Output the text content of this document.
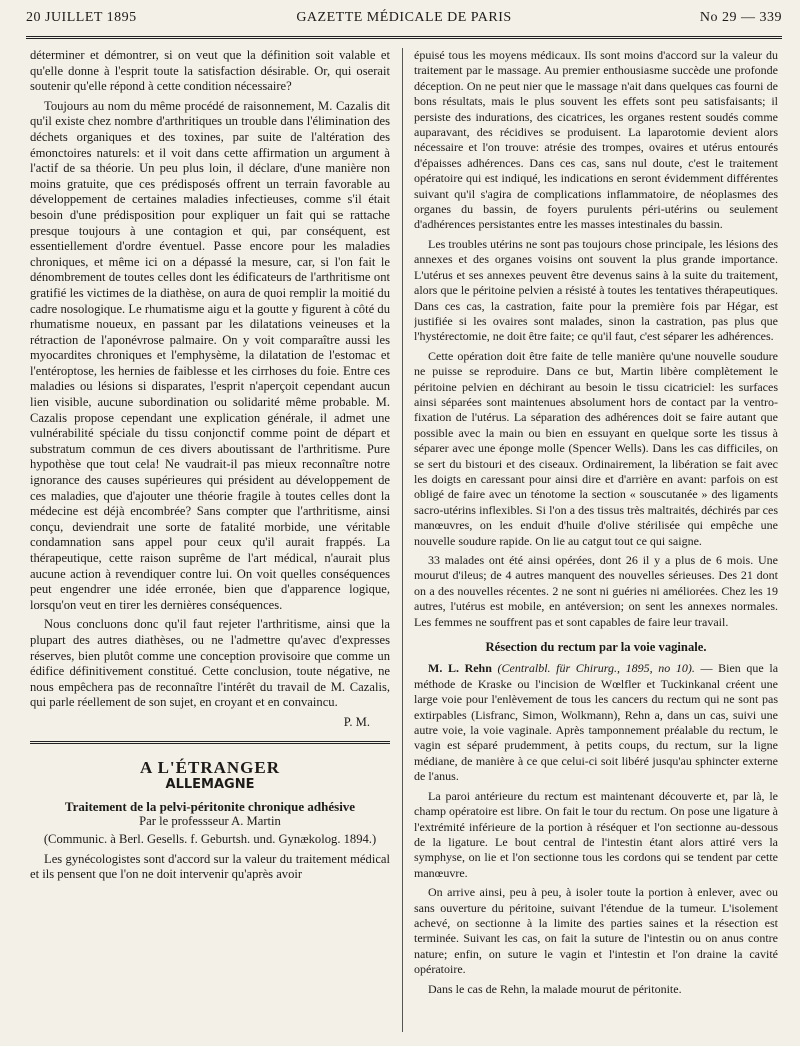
20 JUILLET 1895	GAZETTE MÉDICALE DE PARIS	No 29 — 339

déterminer et démontrer, si on veut que la définition soit valable et qu'elle donne à l'esprit toute la satisfaction désirable. Or, qui oserait soutenir qu'elle répond à cette condition nécessaire?

Toujours au nom du même procédé de raisonnement, M. Cazalis dit qu'il existe chez nombre d'arthritiques un trouble dans l'élimination des déchets organiques et des toxines, par suite de l'altération des émonctoires naturels: et il voit dans cette affirmation un argument à l'actif de sa théorie. Un peu plus loin, il déclare, d'une manière non moins gratuite, que ces prédisposés offrent un terrain favorable au développement de certaines maladies infectieuses, comme s'il était besoin d'une prédisposition pour expliquer un fait qui se rattache presque toujours à une contagion et qui, par conséquent, est essentiellement d'ordre éventuel. Passe encore pour les maladies chroniques, et même ici on a dépassé la mesure, car, si l'on fait le dénombrement de toutes celles dont les édificateurs de l'arthritisme ont gratifié les victimes de la diathèse, on aura de quoi remplir la moitié du cadre nosologique. Le rhumatisme aigu et la goutte y figurent à côté du rhumatisme noueux, en passant par les dilatations veineuses et la rétraction de l'aponévrose palmaire. On y voit comparaître aussi les myocardites chroniques et l'emphysème, la dilatation de l'estomac et l'entéroptose, les hernies de faiblesse et les cirrhoses du foie. Entre ces maladies ou lésions si disparates, l'esprit n'aperçoit cependant aucun lien visible, aucune subordination ou solidarité même probable. M. Cazalis propose cependant une explication générale, il admet une vulnérabilité spéciale du tissu conjonctif comme point de départ et substratum commun de ces divers aboutissant de l'arthritisme. Pure hypothèse que tout cela! Ne vaudrait-il pas mieux reconnaître notre ignorance des causes supérieures qui président au développement de ces maladies, que d'ajouter une théorie fragile à toutes celles dont la médecine est déjà encombrée? Sans compter que l'arthritisme, ainsi conçu, deviendrait une sorte de fatalité morbide, une véritable condamnation sans appel pour ceux qu'il aurait frappés. La thérapeutique, cette raison suprême de l'art médical, n'aurait plus aucune action à revendiquer contre lui. On voit quelles conséquences peut engendrer une idée erronée, bien que d'apparence logique, lorsqu'on veut en tirer les dernières conséquences.

Nous concluons donc qu'il faut rejeter l'arthritisme, ainsi que la plupart des autres diathèses, ou ne l'admettre qu'avec d'expresses réserves, bien plutôt comme une conception provisoire que comme un édifice définitivement constitué. Cette conclusion, toute négative, ne nous empêchera pas de reconnaître l'intérêt du travail de M. Cazalis, qui parle réellement de son sujet, en croyant et en convaincu.

P. M.
A L'ÉTRANGER
ALLEMAGNE
Traitement de la pelvi-péritonite chronique adhésive
Par le professseur A. Martin
(Communic. à Berl. Gesells. f. Geburtsh. und. Gynækolog. 1894.)

Les gynécologistes sont d'accord sur la valeur du traitement médical et ils pensent que l'on ne doit intervenir qu'après avoir

épuisé tous les moyens médicaux. Ils sont moins d'accord sur la valeur du traitement par le massage. Au premier enthousiasme succède une profonde déception. On ne peut nier que le massage n'ait dans quelques cas fourni de bons résultats, mais le plus souvent les effets sont peu satisfaisants; il persiste des indurations, des cicatrices, les organes restent soudés comme auparavant, des récidives se produisent. La laparotomie devient alors nécessaire et l'on trouve: atrésie des trompes, ovaires et utérus entourés d'épaisses adhérences. Dans ces cas, sans nul doute, c'est le traitement opératoire qui est indiqué, les indications en seront évidemment différentes suivant qu'il s'agira de complications inflammatoire, de néoplasmes des organes du bassin, de foyers purulents péri-utérins ou seulement d'adhérences persistantes entre les masses intestinales du bassin.

Les troubles utérins ne sont pas toujours chose principale, les lésions des annexes et des organes voisins ont souvent la plus grande importance. L'utérus et ses annexes peuvent être devenus sains à la suite du traitement, alors que le péritoine pelvien a résisté à toutes les tentatives thérapeutiques. Dans ces cas, la castration, faite pour la première fois par Hégar, est justifiée si les ovaires sont malades, sinon la castration, pas plus que l'hystérectomie, ne doit être faite; ce qu'il faut, c'est séparer les adhérences.

Cette opération doit être faite de telle manière qu'une nouvelle soudure ne puisse se reproduire. Dans ce but, Martin libère complètement le péritoine pelvien en déchirant au besoin le tissu cicatriciel: les surfaces ainsi séparées sont maintenues absolument hors de contact par la ventro-fixation de l'utérus. La séparation des adhérences doit se faire autant que possible avec la main ou bien en essuyant en quelque sorte les tissus à séparer avec une éponge molle (Spencer Wells). Dans les cas difficiles, on se sert du bistouri et des ciseaux. Ordinairement, la libération se fait avec les doigts en caressant pour ainsi dire et d'arrière en avant: parfois on est obligé de faire avec un ténotome la section « souscutanée » des ligaments sacro-utérins inflexibles. Si l'on a des tissus très maltraités, déchirés par ces manœuvres, on les enduit d'huile d'olive stérilisée qui empêche une nouvelle soudure rapide. On lie au catgut tout ce qui saigne.

33 malades ont été ainsi opérées, dont 26 il y a plus de 6 mois. Une mourut d'ileus; de 4 autres manquent des nouvelles sérieuses. Des 21 dont on a des nouvelles récentes. 2 ne sont ni guéries ni améliorées. Chez les 19 autres, l'utérus est mobile, en antéversion; on sent les annexes normales. Les femmes ne souffrent pas et sont capables de faire leur travail.

Résection du rectum par la voie vaginale.

M. L. Rehn (Centralbl. für Chirurg., 1895, no 10). — Bien que la méthode de Kraske ou l'incision de Wœlfler et Tuckinkanal créent une large voie pour l'enlèvement de tous les cancers du rectum qui ne sont pas extirpables (Lisfranc, Simon, Wolkmann), Rehn a, dans un cas, suivi une autre voie, la voie vaginale. Après tamponnement préalable du rectum, le vagin est séparé prudemment, à petits coups, du rectum, sur la ligne médiane, de manière à ce que celui-ci soit libéré jusqu'au sphincter externe de l'anus.

La paroi antérieure du rectum est maintenant découverte et, par là, le champ opératoire est libre. On fait le tour du rectum. On pose une ligature à l'extrémité inférieure de la portion à réséquer et l'on sectionne au-dessous de la ligature. Le bout central de l'intestin étant alors attiré vers la symphyse, on lie et l'on sectionne tous les cordons qui se tendent par cette manœuvre.

On arrive ainsi, peu à peu, à isoler toute la portion à enlever, avec ou sans ouverture du péritoine, suivant l'étendue de la tumeur. L'isolement achevé, on sectionne à la limite des parties saines et la résection est terminée. Suivant les cas, on fait la suture de l'intestin ou on anus contre nature; enfin, on suture le vagin et l'intestin et l'on draine la cavité opératoire.

Dans le cas de Rehn, la malade mourut de péritonite.
